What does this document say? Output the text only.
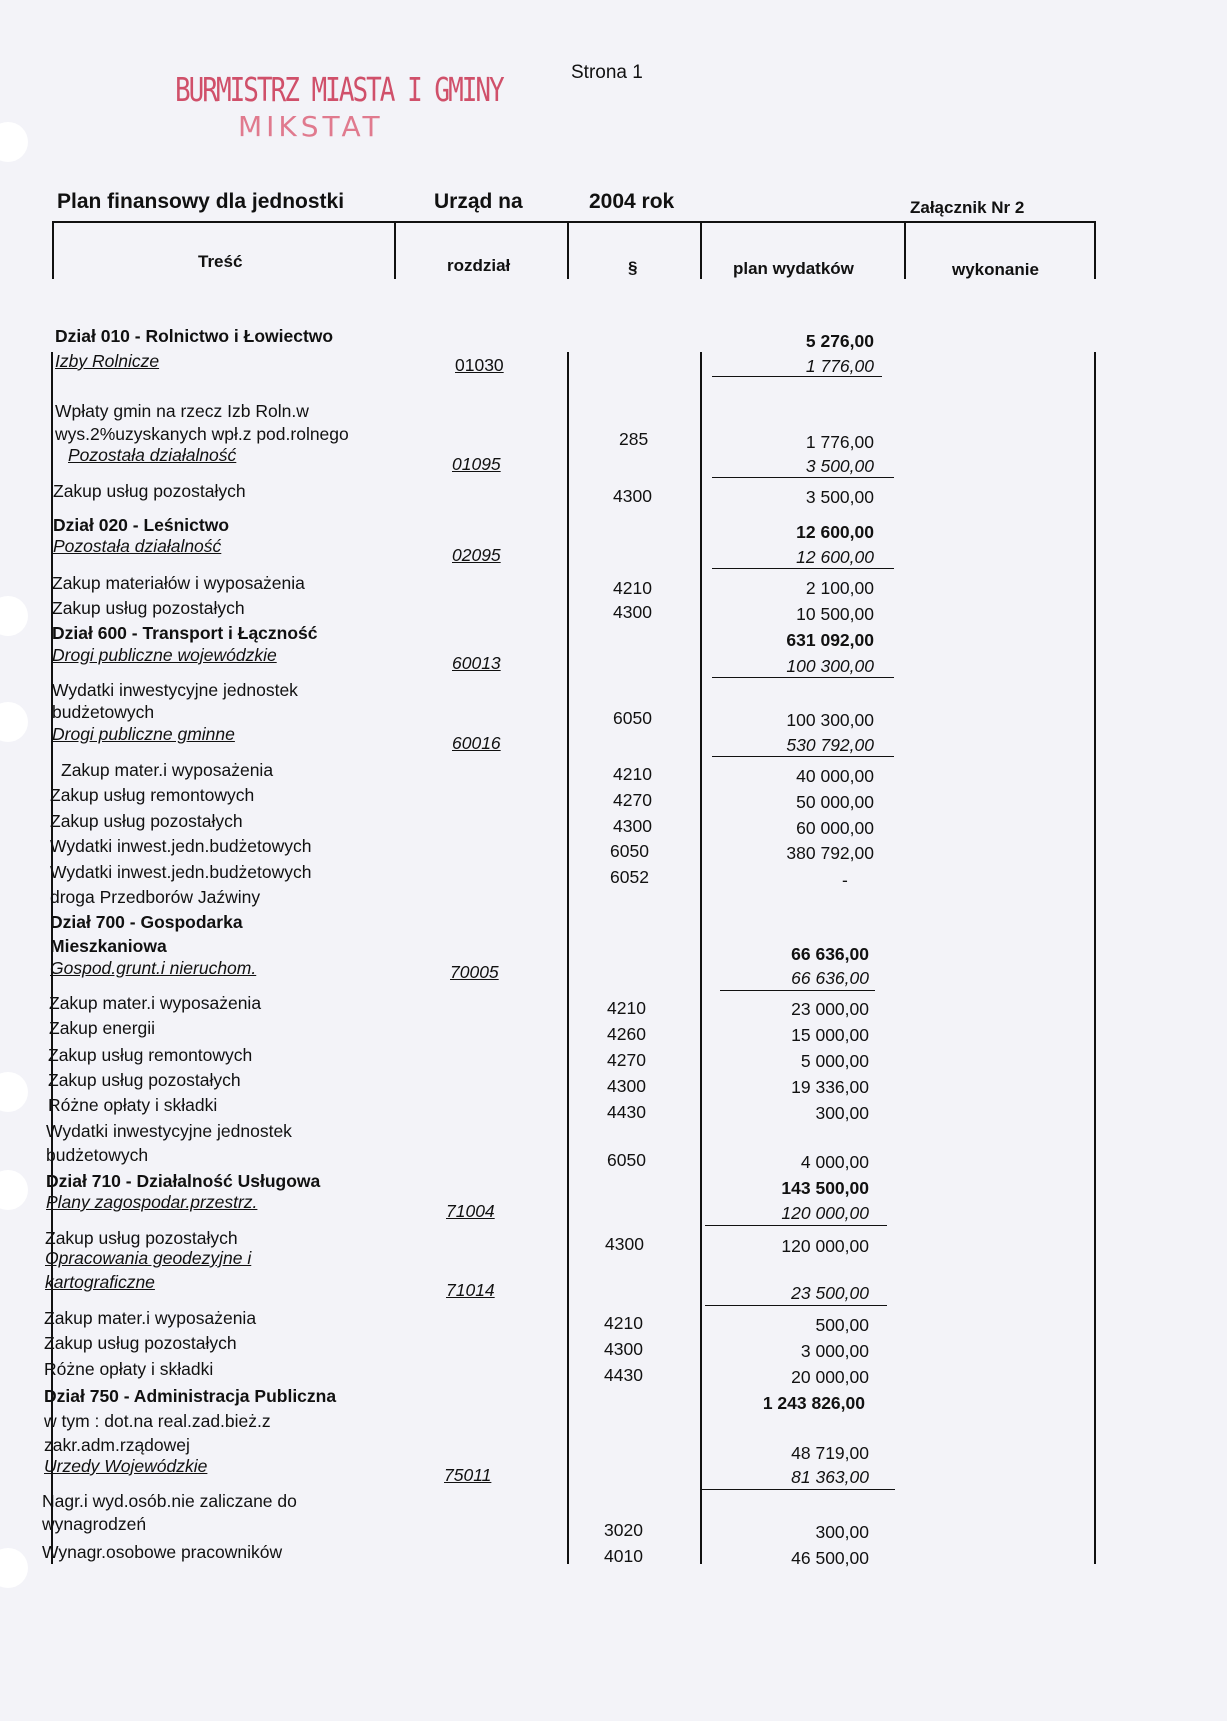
BURMISTRZ MIASTA I GMINY
MIKSTAT
Strona 1
Plan finansowy dla jednostki	Urząd na	2004 rok	Załącznik Nr 2
Treść	rozdział	§	plan wydatków	wykonanie
Dział 010 - Rolnictwo i Łowiectwo	5 276,00
Izby Rolnicze	01030	1 776,00
Wpłaty gmin na rzecz Izb Roln.w
wys.2%uzyskanych wpł.z pod.rolnego	285	1 776,00
Pozostała działalność	01095	3 500,00
Zakup usług pozostałych	4300	3 500,00
Dział 020 - Leśnictwo	12 600,00
Pozostała działalność	02095	12 600,00
Zakup materiałów i wyposażenia	4210	2 100,00
Zakup usług pozostałych	4300	10 500,00
Dział 600 - Transport i Łączność	631 092,00
Drogi publiczne wojewódzkie	60013	100 300,00
Wydatki inwestycyjne jednostek
budżetowych	6050	100 300,00
Drogi publiczne gminne	60016	530 792,00
Zakup mater.i wyposażenia	4210	40 000,00
Zakup usług remontowych	4270	50 000,00
Zakup usług pozostałych	4300	60 000,00
Wydatki inwest.jedn.budżetowych	6050	380 792,00
Wydatki inwest.jedn.budżetowych
droga Przedborów Jaźwiny
6052	-
Dział 700 - Gospodarka
Mieszkaniowa	66 636,00
Gospod.grunt.i nieruchom.	70005	66 636,00
Zakup mater.i wyposażenia	4210	23 000,00
Zakup energii	4260	15 000,00
Zakup usług remontowych	4270	5 000,00
Zakup usług pozostałych	4300	19 336,00
Różne opłaty i składki	4430	300,00
Wydatki inwestycyjne jednostek
budżetowych	6050	4 000,00
Dział 710 - Działalność Usługowa	143 500,00
Plany zagospodar.przestrz.	71004	120 000,00
Zakup usług pozostałych	4300	120 000,00
Opracowania geodezyjne i
kartograficzne	71014	23 500,00
Zakup mater.i wyposażenia	4210	500,00
Zakup usług pozostałych	4300	3 000,00
Różne opłaty i składki	4430	20 000,00
Dział 750 - Administracja Publiczna	1 243 826,00
w tym : dot.na real.zad.bież.z
zakr.adm.rządowej	48 719,00
Urzedy Wojewódzkie	75011	81 363,00
Nagr.i wyd.osób.nie zaliczane do
wynagrodzeń	3020	300,00
Wynagr.osobowe pracowników	4010	46 500,00
